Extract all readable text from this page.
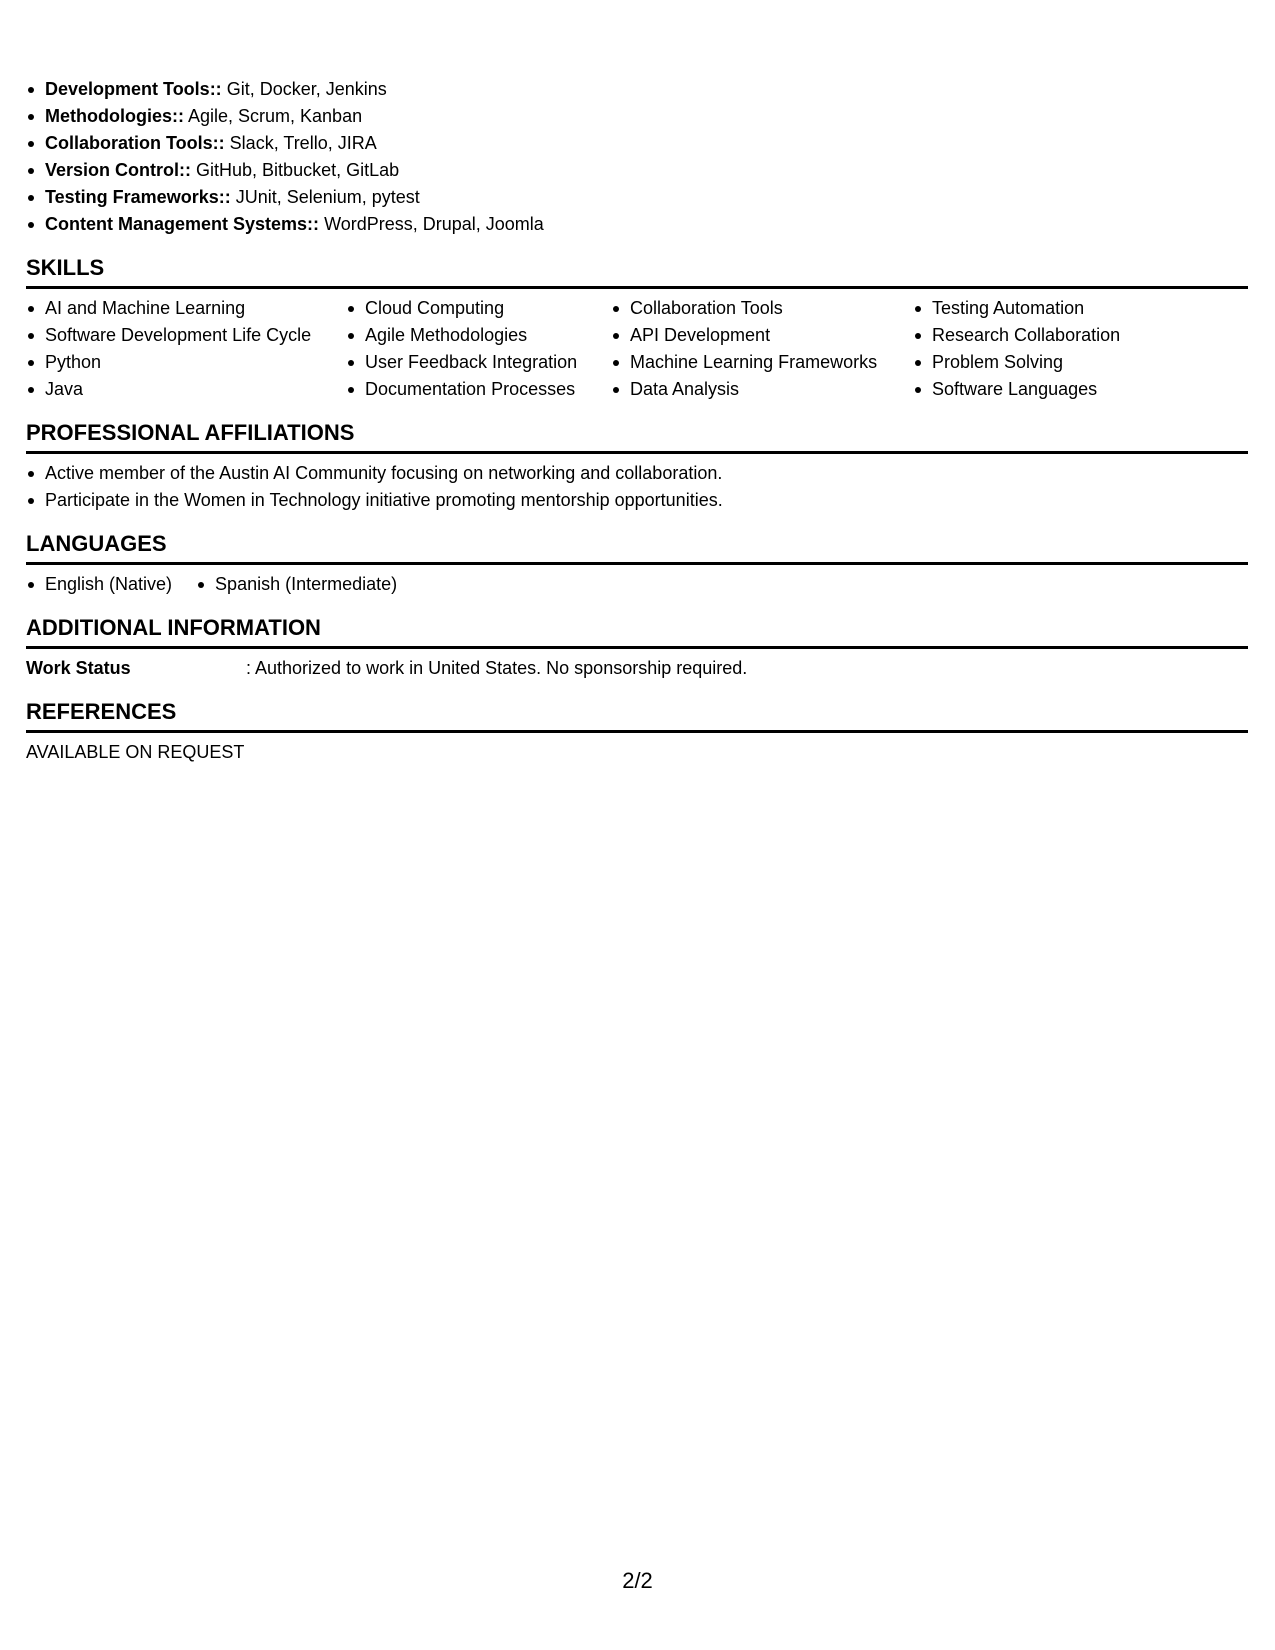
Development Tools:: Git, Docker, Jenkins
Methodologies:: Agile, Scrum, Kanban
Collaboration Tools:: Slack, Trello, JIRA
Version Control:: GitHub, Bitbucket, GitLab
Testing Frameworks:: JUnit, Selenium, pytest
Content Management Systems:: WordPress, Drupal, Joomla
SKILLS
AI and Machine Learning
Software Development Life Cycle
Python
Java
Cloud Computing
Agile Methodologies
User Feedback Integration
Documentation Processes
Collaboration Tools
API Development
Machine Learning Frameworks
Data Analysis
Testing Automation
Research Collaboration
Problem Solving
Software Languages
PROFESSIONAL AFFILIATIONS
Active member of the Austin AI Community focusing on networking and collaboration.
Participate in the Women in Technology initiative promoting mentorship opportunities.
LANGUAGES
English (Native)	Spanish (Intermediate)
ADDITIONAL INFORMATION
Work Status	: Authorized to work in United States. No sponsorship required.
REFERENCES
AVAILABLE ON REQUEST
2/2
